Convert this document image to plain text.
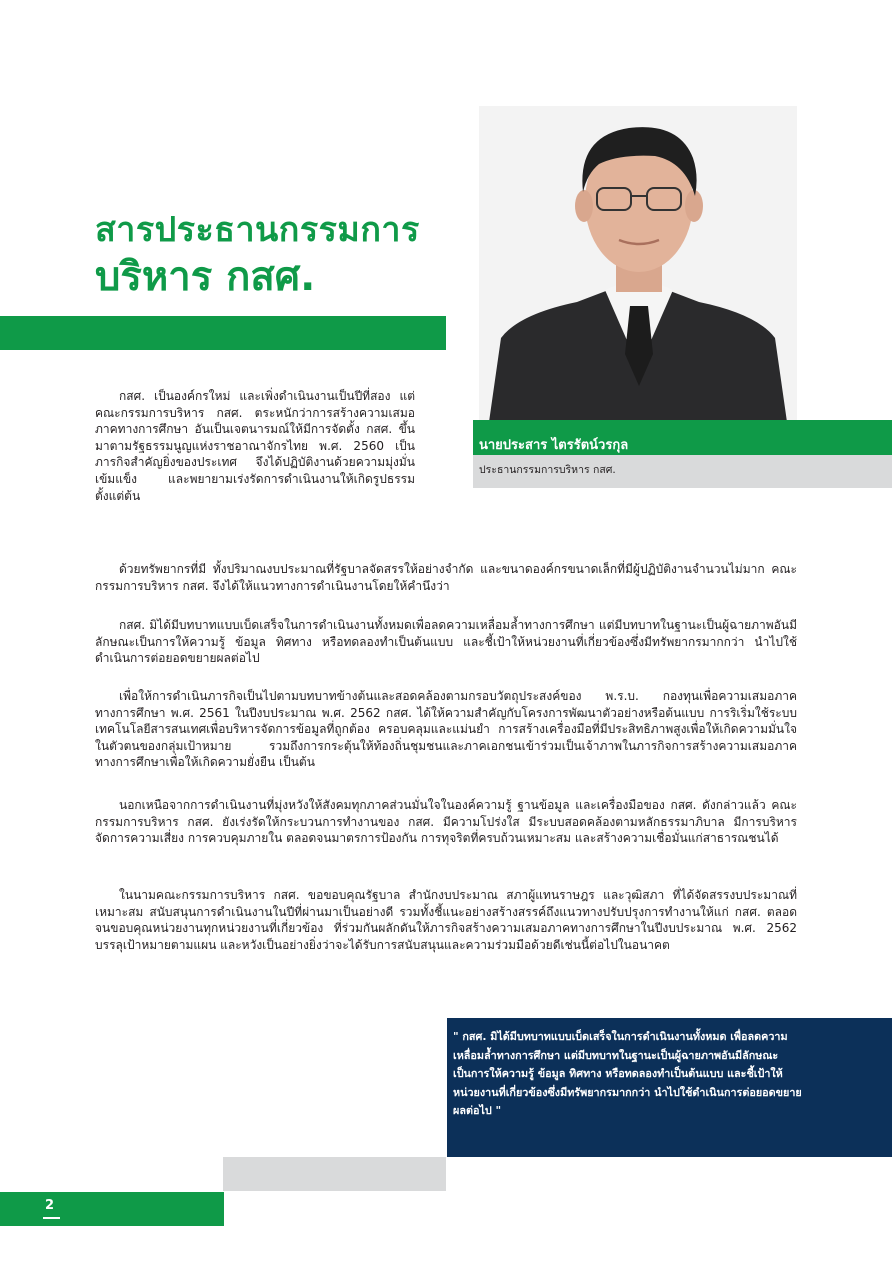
สารประธานกรรมการ
บริหาร กสศ.
นายประสาร ไตรรัตน์วรกุล
ประธานกรรมการบริหาร กสศ.

กสศ. เป็นองค์กรใหม่ และเพิ่งดำเนินงานเป็นปีที่สอง แต่คณะกรรมการบริหาร กสศ. ตระหนักว่าการสร้างความเสมอภาคทางการศึกษา อันเป็นเจตนารมณ์ให้มีการจัดตั้ง กสศ. ขึ้นมาตามรัฐธรรมนูญแห่งราชอาณาจักรไทย พ.ศ. 2560 เป็นภารกิจสำคัญยิ่งของประเทศ จึงได้ปฏิบัติงานด้วยความมุ่งมั่นเข้มแข็ง และพยายามเร่งรัดการดำเนินงานให้เกิดรูปธรรมตั้งแต่ต้น

ด้วยทรัพยากรที่มี ทั้งปริมาณงบประมาณที่รัฐบาลจัดสรรให้อย่างจำกัด และขนาดองค์กรขนาดเล็กที่มีผู้ปฏิบัติงานจำนวนไม่มาก คณะกรรมการบริหาร กสศ. จึงได้ให้แนวทางการดำเนินงานโดยให้คำนึงว่า

กสศ. มิได้มีบทบาทแบบเบ็ดเสร็จในการดำเนินงานทั้งหมดเพื่อลดความเหลื่อมล้ำทางการศึกษา แต่มีบทบาทในฐานะเป็นผู้ฉายภาพอันมีลักษณะเป็นการให้ความรู้ ข้อมูล ทิศทาง หรือทดลองทำเป็นต้นแบบ และชี้เป้าให้หน่วยงานที่เกี่ยวข้องซึ่งมีทรัพยากรมากกว่า นำไปใช้ดำเนินการต่อยอดขยายผลต่อไป

เพื่อให้การดำเนินภารกิจเป็นไปตามบทบาทข้างต้นและสอดคล้องตามกรอบวัตถุประสงค์ของ พ.ร.บ. กองทุนเพื่อความเสมอภาคทางการศึกษา พ.ศ. 2561 ในปีงบประมาณ พ.ศ. 2562 กสศ. ได้ให้ความสำคัญกับโครงการพัฒนาตัวอย่างหรือต้นแบบ การริเริ่มใช้ระบบเทคโนโลยีสารสนเทศเพื่อบริหารจัดการข้อมูลที่ถูกต้อง ครอบคลุมและแม่นยำ การสร้างเครื่องมือที่มีประสิทธิภาพสูงเพื่อให้เกิดความมั่นใจในตัวตนของกลุ่มเป้าหมาย รวมถึงการกระตุ้นให้ท้องถิ่นชุมชนและภาคเอกชนเข้าร่วมเป็นเจ้าภาพในภารกิจการสร้างความเสมอภาคทางการศึกษาเพื่อให้เกิดความยั่งยืน เป็นต้น

นอกเหนือจากการดำเนินงานที่มุ่งหวังให้สังคมทุกภาคส่วนมั่นใจในองค์ความรู้ ฐานข้อมูล และเครื่องมือของ กสศ. ดังกล่าวแล้ว คณะกรรมการบริหาร กสศ. ยังเร่งรัดให้กระบวนการทำงานของ กสศ. มีความโปร่งใส มีระบบสอดคล้องตามหลักธรรมาภิบาล มีการบริหารจัดการความเสี่ยง การควบคุมภายใน ตลอดจนมาตรการป้องกัน การทุจริตที่ครบถ้วนเหมาะสม และสร้างความเชื่อมั่นแก่สาธารณชนได้

ในนามคณะกรรมการบริหาร กสศ. ขอขอบคุณรัฐบาล สำนักงบประมาณ สภาผู้แทนราษฎร และวุฒิสภา ที่ได้จัดสรรงบประมาณที่เหมาะสม สนับสนุนการดำเนินงานในปีที่ผ่านมาเป็นอย่างดี รวมทั้งชี้แนะอย่างสร้างสรรค์ถึงแนวทางปรับปรุงการทำงานให้แก่ กสศ. ตลอดจนขอบคุณหน่วยงานทุกหน่วยงานที่เกี่ยวข้อง ที่ร่วมกันผลักดันให้ภารกิจสร้างความเสมอภาคทางการศึกษาในปีงบประมาณ พ.ศ. 2562 บรรลุเป้าหมายตามแผน และหวังเป็นอย่างยิ่งว่าจะได้รับการสนับสนุนและความร่วมมือด้วยดีเช่นนี้ต่อไปในอนาคต

" กสศ. มิได้มีบทบาทแบบเบ็ดเสร็จในการดำเนินงานทั้งหมด เพื่อลดความเหลื่อมล้ำทางการศึกษา แต่มีบทบาทในฐานะเป็นผู้ฉายภาพอันมีลักษณะเป็นการให้ความรู้ ข้อมูล ทิศทาง หรือทดลองทำเป็นต้นแบบ และชี้เป้าให้หน่วยงานที่เกี่ยวข้องซึ่งมีทรัพยากรมากกว่า นำไปใช้ดำเนินการต่อยอดขยายผลต่อไป "

2
